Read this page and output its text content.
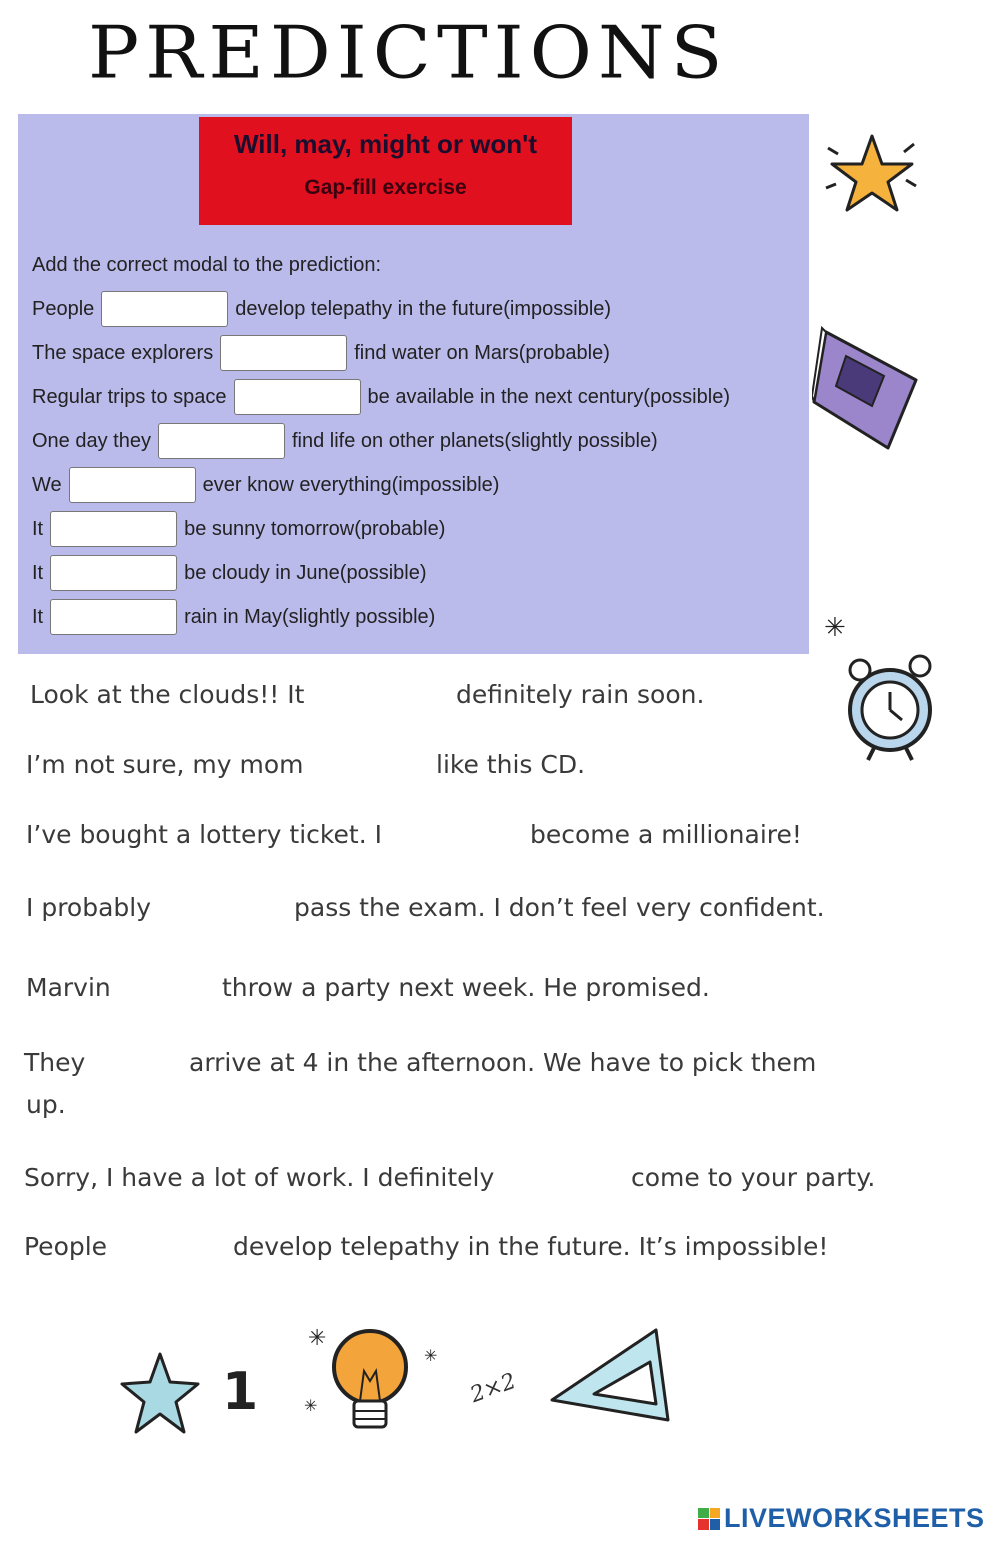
PREDICTIONS
Will, may, might or won't
Gap-fill exercise
Add the correct modal to the prediction:
People	develop telepathy in the future(impossible)
The space explorers	find water on Mars(probable)
Regular trips to space	be available in the next century(possible)
One day they	find life on other planets(slightly possible)
We	ever know everything(impossible)
It	be sunny tomorrow(probable)
It	be cloudy in June(possible)
It	rain in May(slightly possible)
Look at the clouds!! It	definitely rain soon.
I’m not sure, my mom	like this CD.
I’ve bought a lottery ticket. I	become a millionaire!
I probably	pass the exam. I don’t feel very confident.
Marvin	throw a party next week. He promised.
They	arrive at 4 in the afternoon. We have to pick them
up.
Sorry, I have a lot of work. I definitely	come to your party.
People	develop telepathy in the future. It’s impossible!
✳
1
✳
✳
✳
2×2
LIVEWORKSHEETS
